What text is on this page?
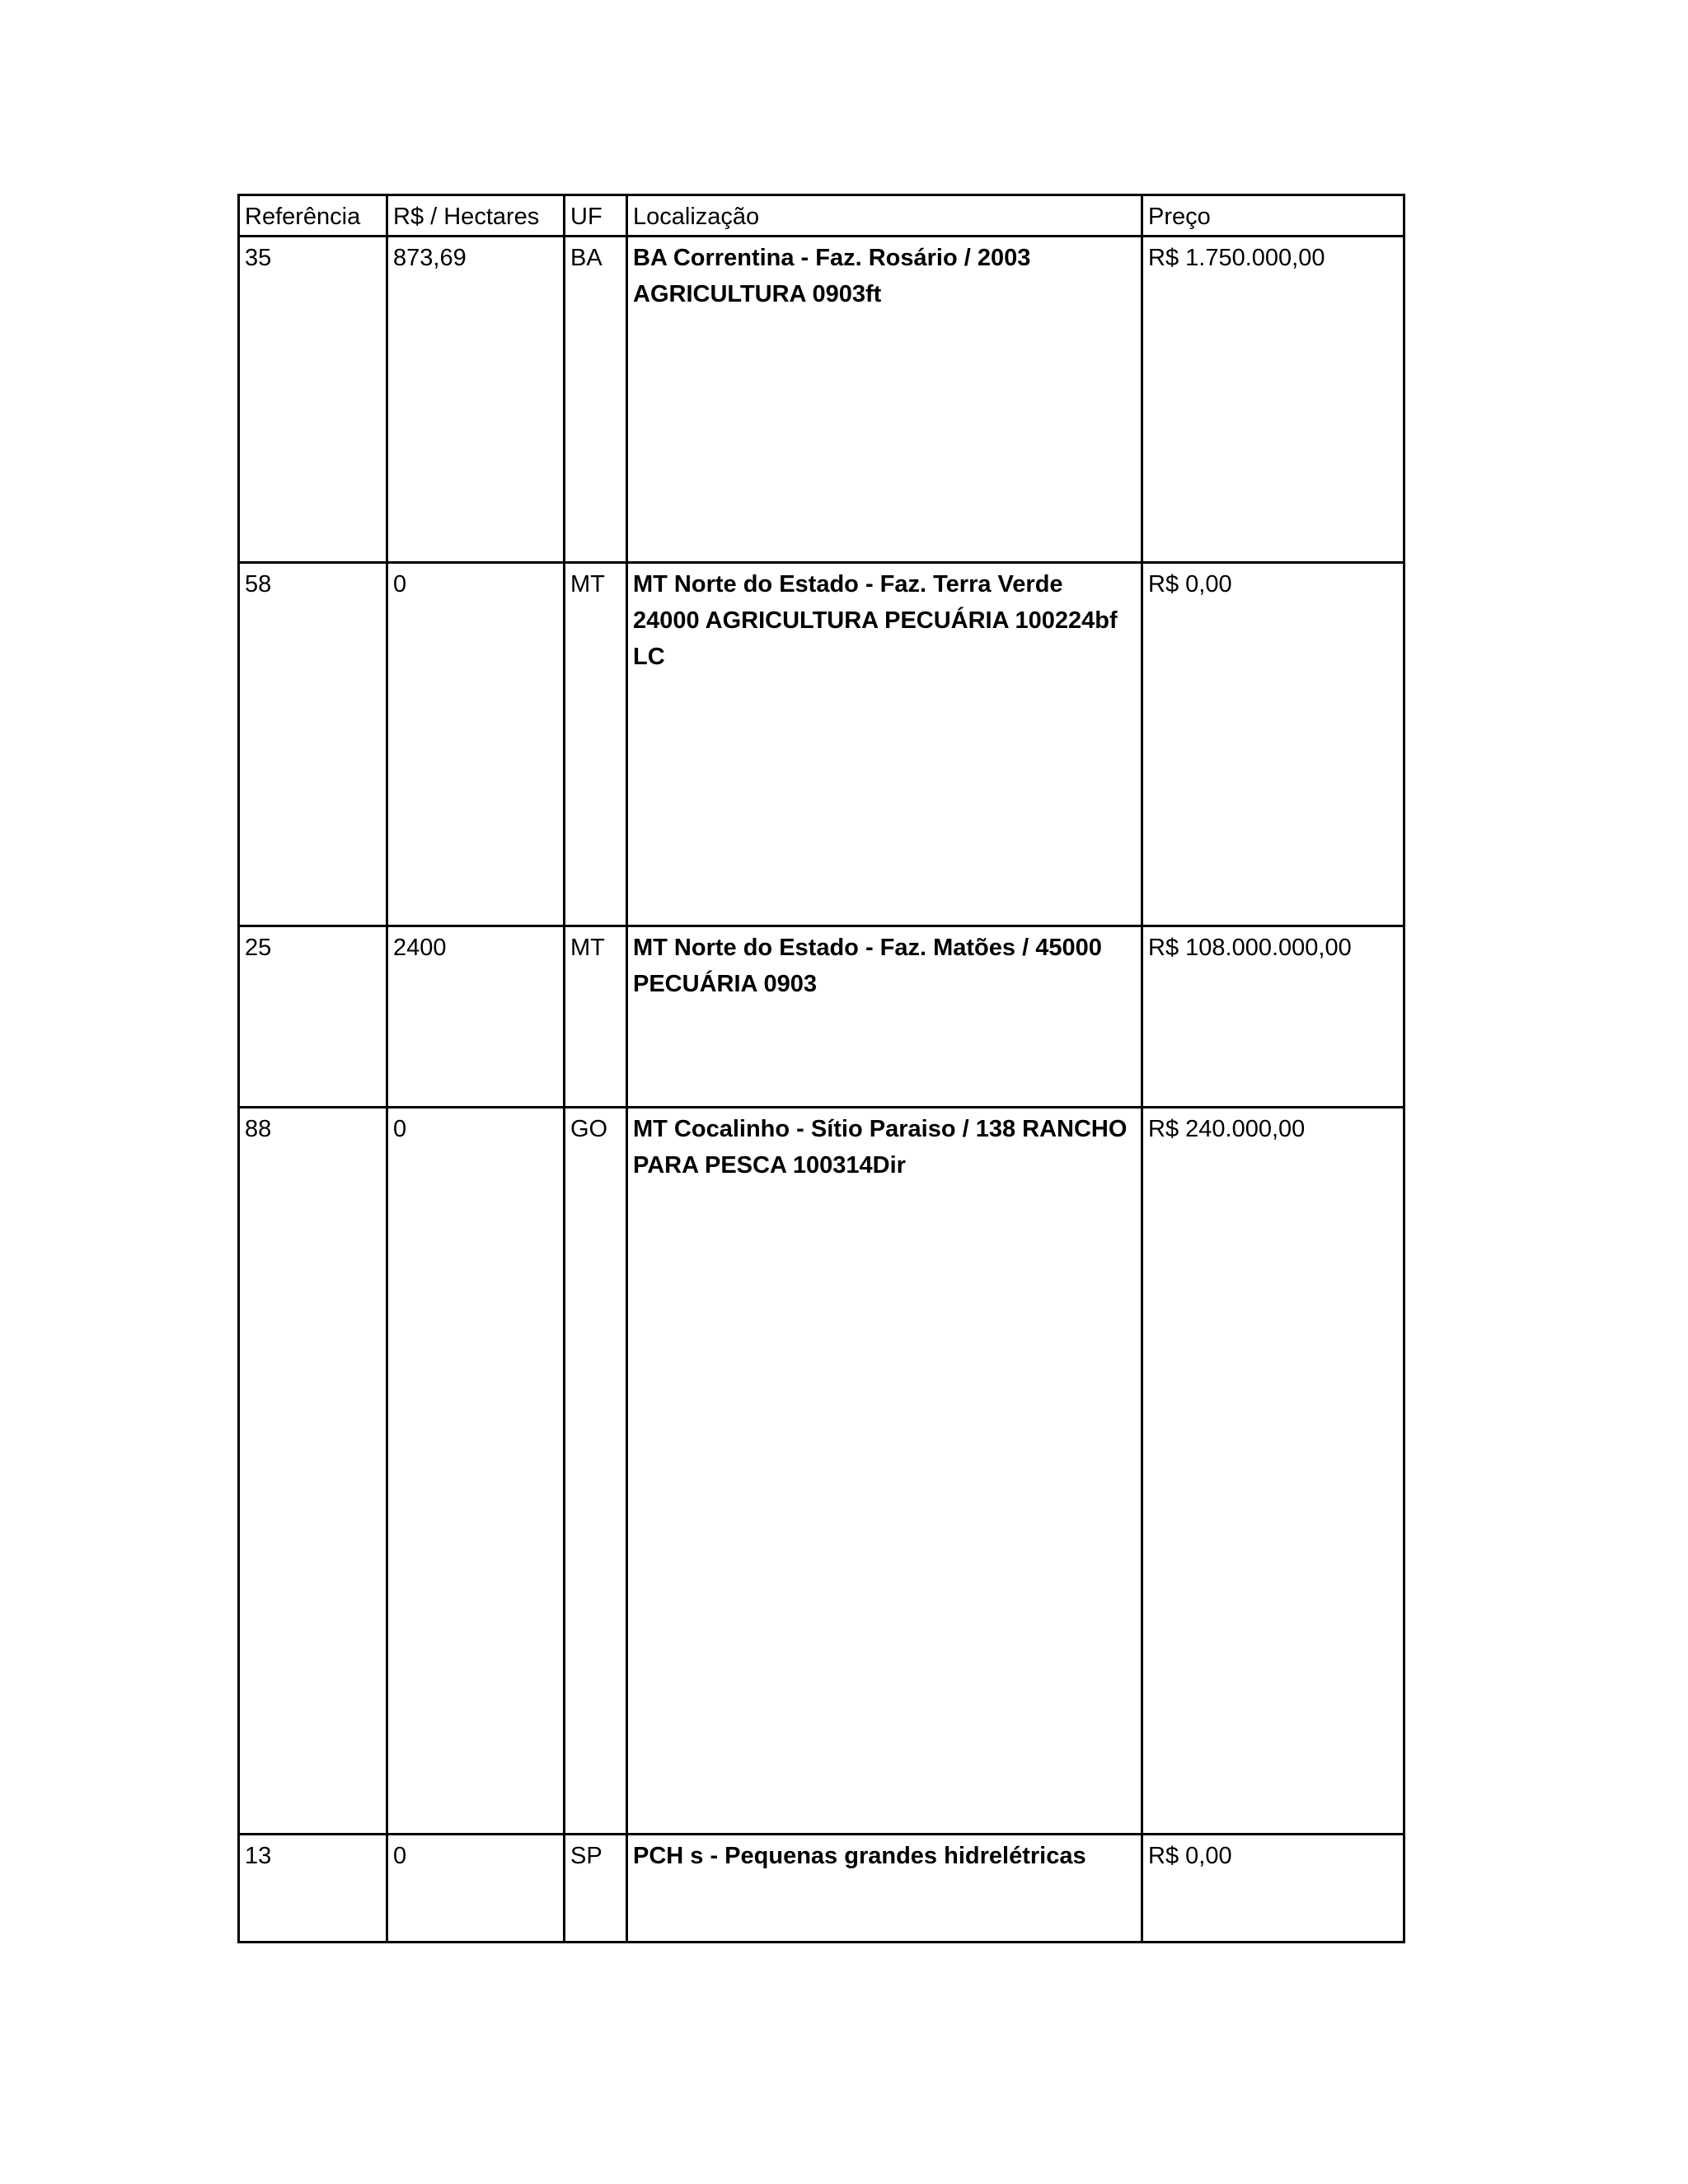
Referência	R$ / Hectares	UF	Localização	Preço
35	873,69	BA	BA Correntina - Faz. Rosário / 2003 AGRICULTURA 0903ft	R$ 1.750.000,00
58	0	MT	MT Norte do Estado - Faz. Terra Verde 24000 AGRICULTURA PECUÁRIA 100224bf LC	R$ 0,00
25	2400	MT	MT Norte do Estado - Faz. Matões / 45000 PECUÁRIA 0903	R$ 108.000.000,00
88	0	GO	MT Cocalinho - Sítio Paraiso / 138 RANCHO PARA PESCA 100314Dir	R$ 240.000,00
13	0	SP	PCH s - Pequenas grandes hidrelétricas	R$ 0,00
